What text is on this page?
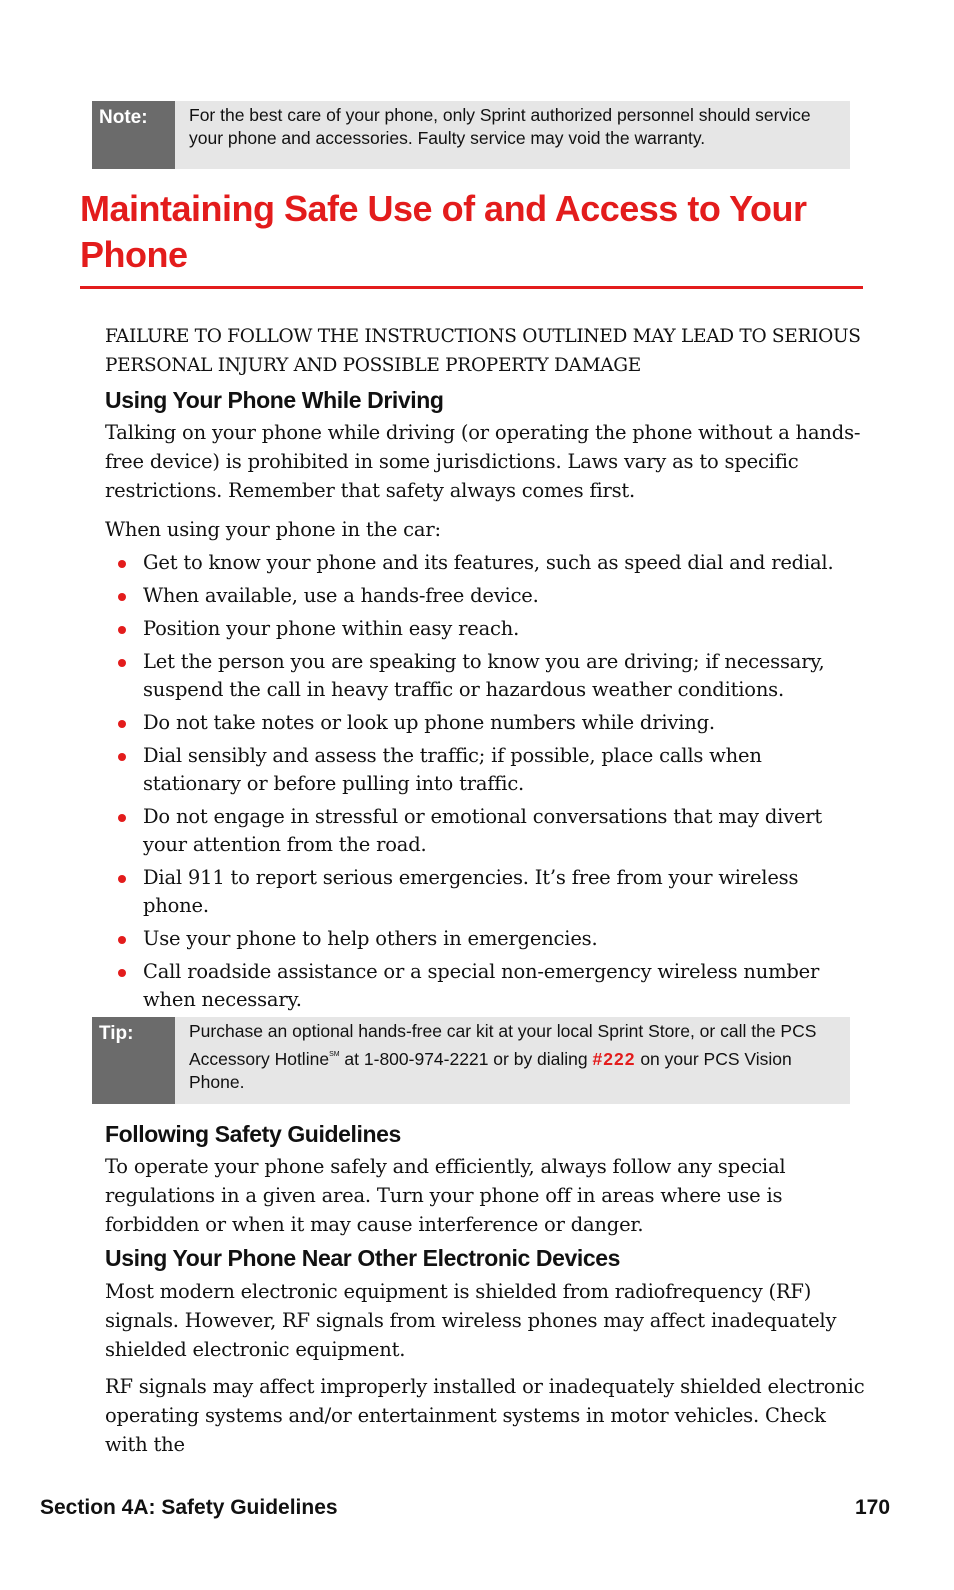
Note:	For the best care of your phone, only Sprint authorized personnel should service your phone and accessories. Faulty service may void the warranty.
Maintaining Safe Use of and Access to Your Phone

FAILURE TO FOLLOW THE INSTRUCTIONS OUTLINED MAY LEAD TO SERIOUS PERSONAL INJURY AND POSSIBLE PROPERTY DAMAGE

Using Your Phone While Driving

Talking on your phone while driving (or operating the phone without a hands-free device) is prohibited in some jurisdictions. Laws vary as to specific restrictions. Remember that safety always comes first.

When using your phone in the car:

Get to know your phone and its features, such as speed dial and redial.
When available, use a hands-free device.
Position your phone within easy reach.
Let the person you are speaking to know you are driving; if necessary, suspend the call in heavy traffic or hazardous weather conditions.
Do not take notes or look up phone numbers while driving.
Dial sensibly and assess the traffic; if possible, place calls when stationary or before pulling into traffic.
Do not engage in stressful or emotional conversations that may divert your attention from the road.
Dial 911 to report serious emergencies. It’s free from your wireless phone.
Use your phone to help others in emergencies.
Call roadside assistance or a special non-emergency wireless number when necessary.
Tip:	Purchase an optional hands-free car kit at your local Sprint Store, or call the PCS Accessory Hotline℠ at 1-800-974-2221 or by dialing #222 on your PCS Vision Phone.
Following Safety Guidelines

To operate your phone safely and efficiently, always follow any special regulations in a given area. Turn your phone off in areas where use is forbidden or when it may cause interference or danger.

Using Your Phone Near Other Electronic Devices

Most modern electronic equipment is shielded from radiofrequency (RF) signals. However, RF signals from wireless phones may affect inadequately shielded electronic equipment.

RF signals may affect improperly installed or inadequately shielded electronic operating systems and/or entertainment systems in motor vehicles. Check with the

Section 4A: Safety Guidelines	170
